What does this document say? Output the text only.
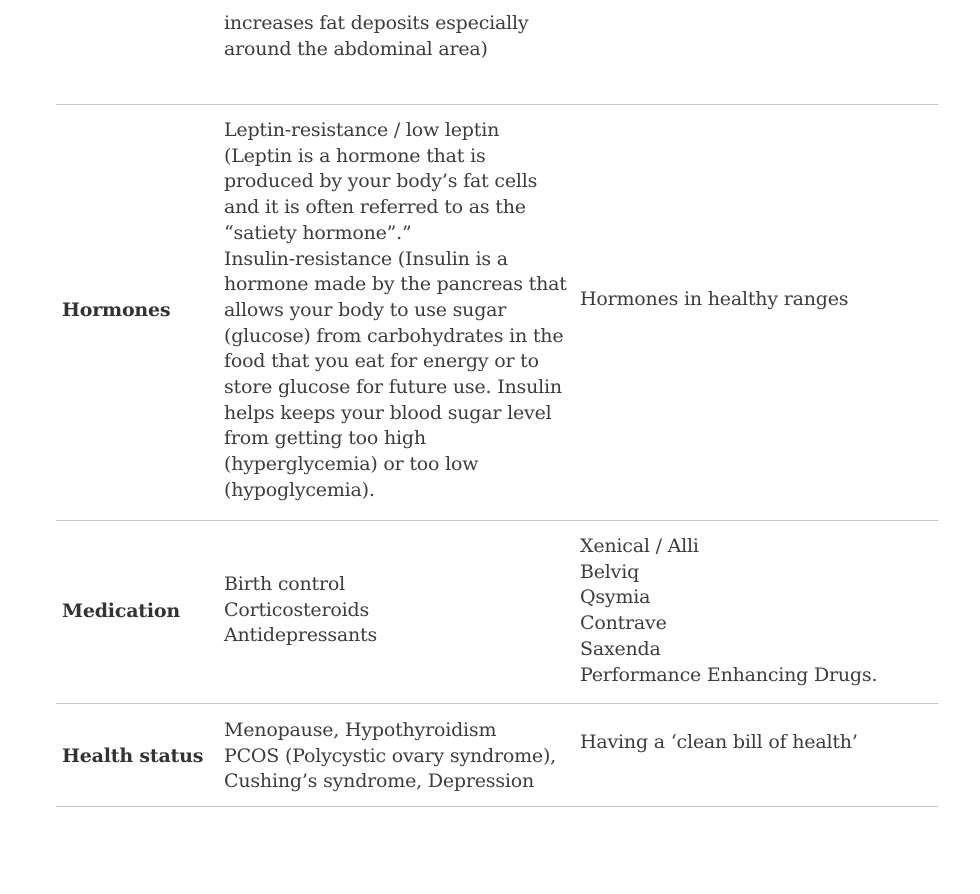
increases fat deposits especially
around the abdominal area)
Hormones
Leptin-resistance / low leptin
(Leptin is a hormone that is
produced by your body’s fat cells
and it is often referred to as the
“satiety hormone”.”
Insulin-resistance (Insulin is a
hormone made by the pancreas that
allows your body to use sugar
(glucose) from carbohydrates in the
food that you eat for energy or to
store glucose for future use. Insulin
helps keeps your blood sugar level
from getting too high
(hyperglycemia) or too low
(hypoglycemia).
Hormones in healthy ranges
Medication
Birth control
Corticosteroids
Antidepressants
Xenical / Alli
Belviq
Qsymia
Contrave
Saxenda
Performance Enhancing Drugs.
Health status
Menopause, Hypothyroidism
PCOS (Polycystic ovary syndrome),
Cushing’s syndrome, Depression
Having a ‘clean bill of health’
